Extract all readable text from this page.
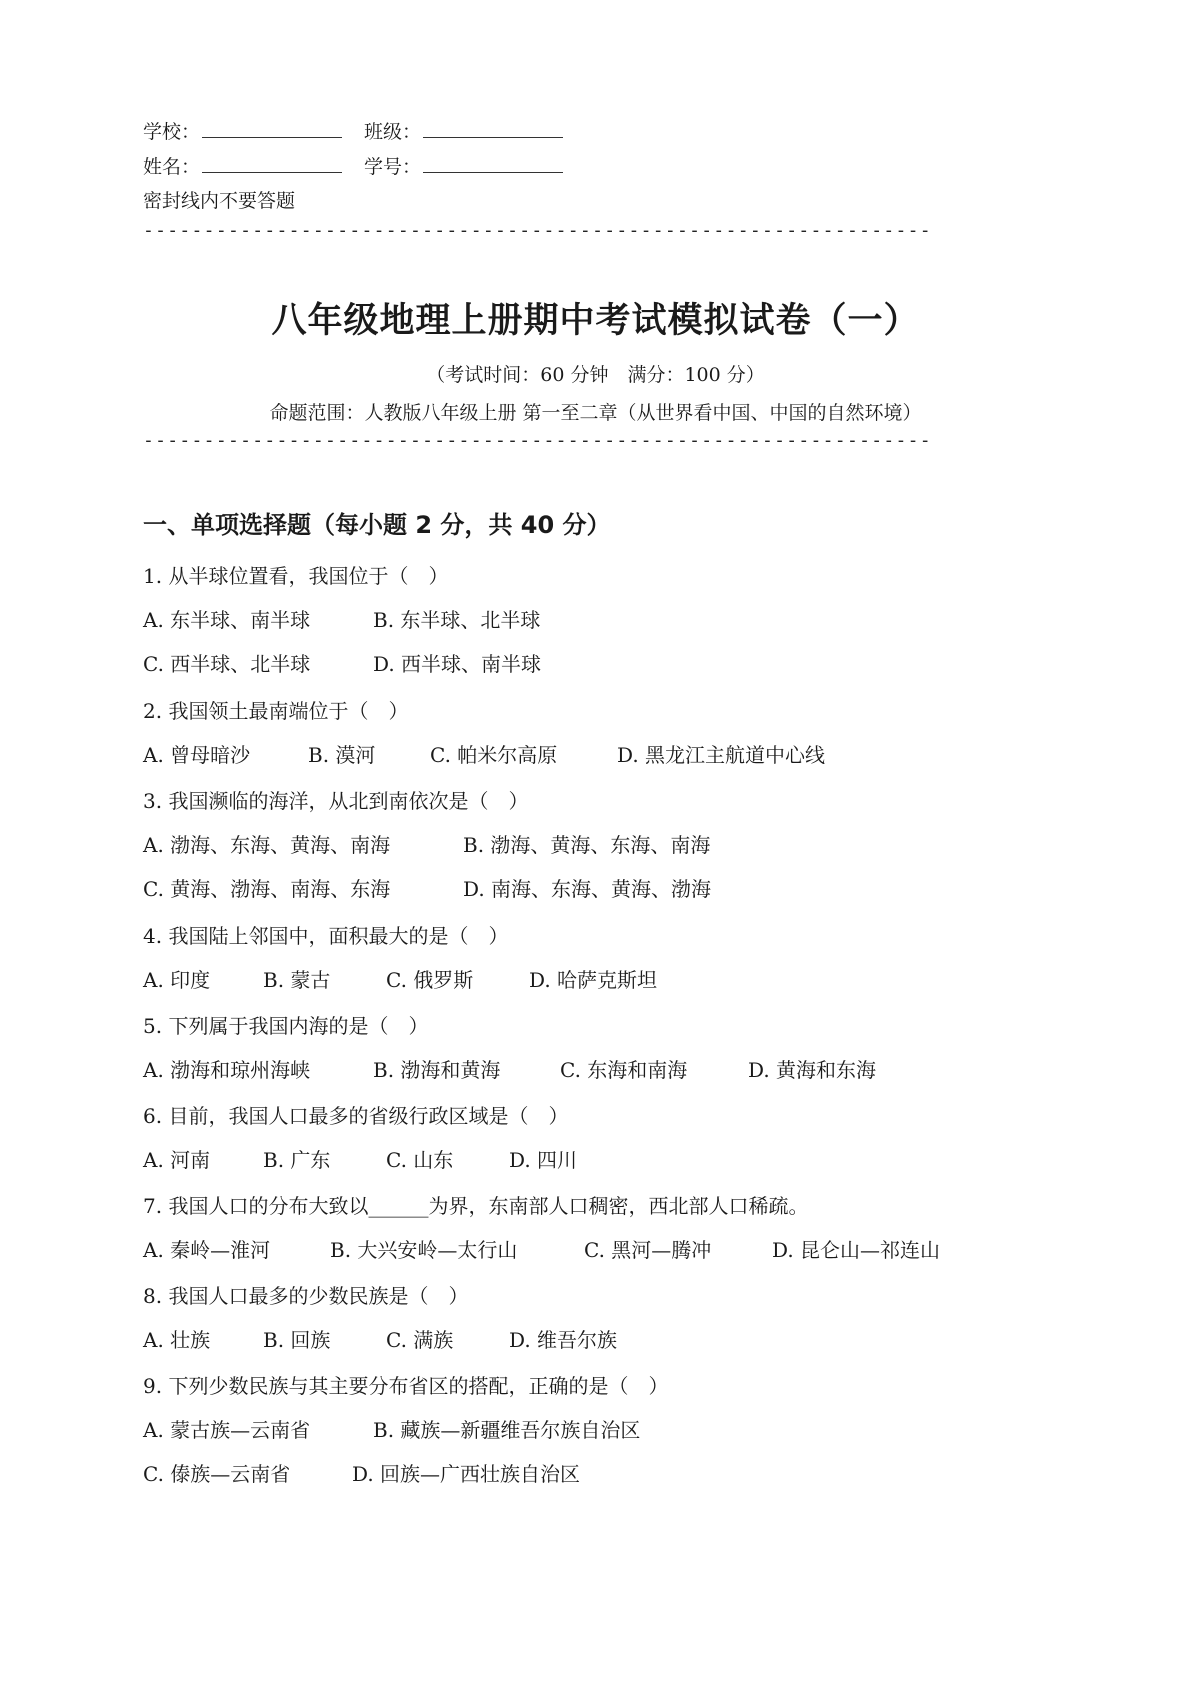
学校：	班级：
姓名：	学号：
密封线内不要答题
-----------------------------------------------------------------
八年级地理上册期中考试模拟试卷（一）
（考试时间：60 分钟　满分：100 分）
命题范围：人教版八年级上册 第一至二章（从世界看中国、中国的自然环境）
-----------------------------------------------------------------
一、单项选择题（每小题 2 分，共 40 分）
1. 从半球位置看，我国位于（　）
A. 东半球、南半球	B. 东半球、北半球
C. 西半球、北半球	D. 西半球、南半球
2. 我国领土最南端位于（　）
A. 曾母暗沙	B. 漠河	C. 帕米尔高原	D. 黑龙江主航道中心线
3. 我国濒临的海洋，从北到南依次是（　）
A. 渤海、东海、黄海、南海	B. 渤海、黄海、东海、南海
C. 黄海、渤海、南海、东海	D. 南海、东海、黄海、渤海
4. 我国陆上邻国中，面积最大的是（　）
A. 印度	B. 蒙古	C. 俄罗斯	D. 哈萨克斯坦
5. 下列属于我国内海的是（　）
A. 渤海和琼州海峡	B. 渤海和黄海	C. 东海和南海	D. 黄海和东海
6. 目前，我国人口最多的省级行政区域是（　）
A. 河南	B. 广东	C. 山东	D. 四川
7. 我国人口的分布大致以______为界，东南部人口稠密，西北部人口稀疏。
A. 秦岭—淮河	B. 大兴安岭—太行山	C. 黑河—腾冲	D. 昆仑山—祁连山
8. 我国人口最多的少数民族是（　）
A. 壮族	B. 回族	C. 满族	D. 维吾尔族
9. 下列少数民族与其主要分布省区的搭配，正确的是（　）
A. 蒙古族—云南省	B. 藏族—新疆维吾尔族自治区
C. 傣族—云南省	D. 回族—广西壮族自治区
